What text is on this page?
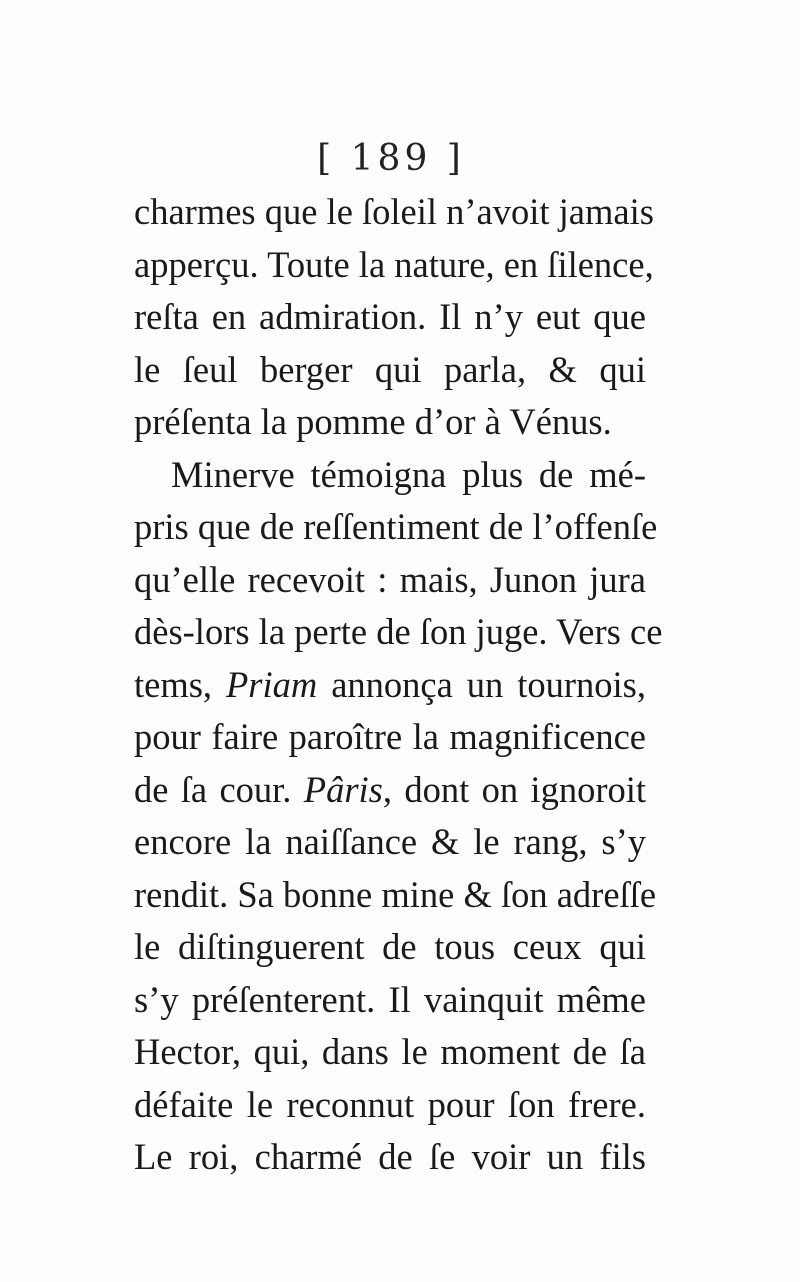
[ 189 ]
charmes que le ſoleil n’avoit jamais
apperçu. Toute la nature, en ſilence,
reſta en admiration. Il n’y eut que
le ſeul berger qui parla, & qui
préſenta la pomme d’or à Vénus.
Minerve témoigna plus de mé-
pris que de reſſentiment de l’offenſe
qu’elle recevoit : mais, Junon jura
dès-lors la perte de ſon juge. Vers ce
tems, Priam annonça un tournois,
pour faire paroître la magnificence
de ſa cour. Pâris, dont on ignoroit
encore la naiſſance & le rang, s’y
rendit. Sa bonne mine & ſon adreſſe
le diſtinguerent de tous ceux qui
s’y préſenterent. Il vainquit même
Hector, qui, dans le moment de ſa
défaite le reconnut pour ſon frere.
Le roi, charmé de ſe voir un fils
